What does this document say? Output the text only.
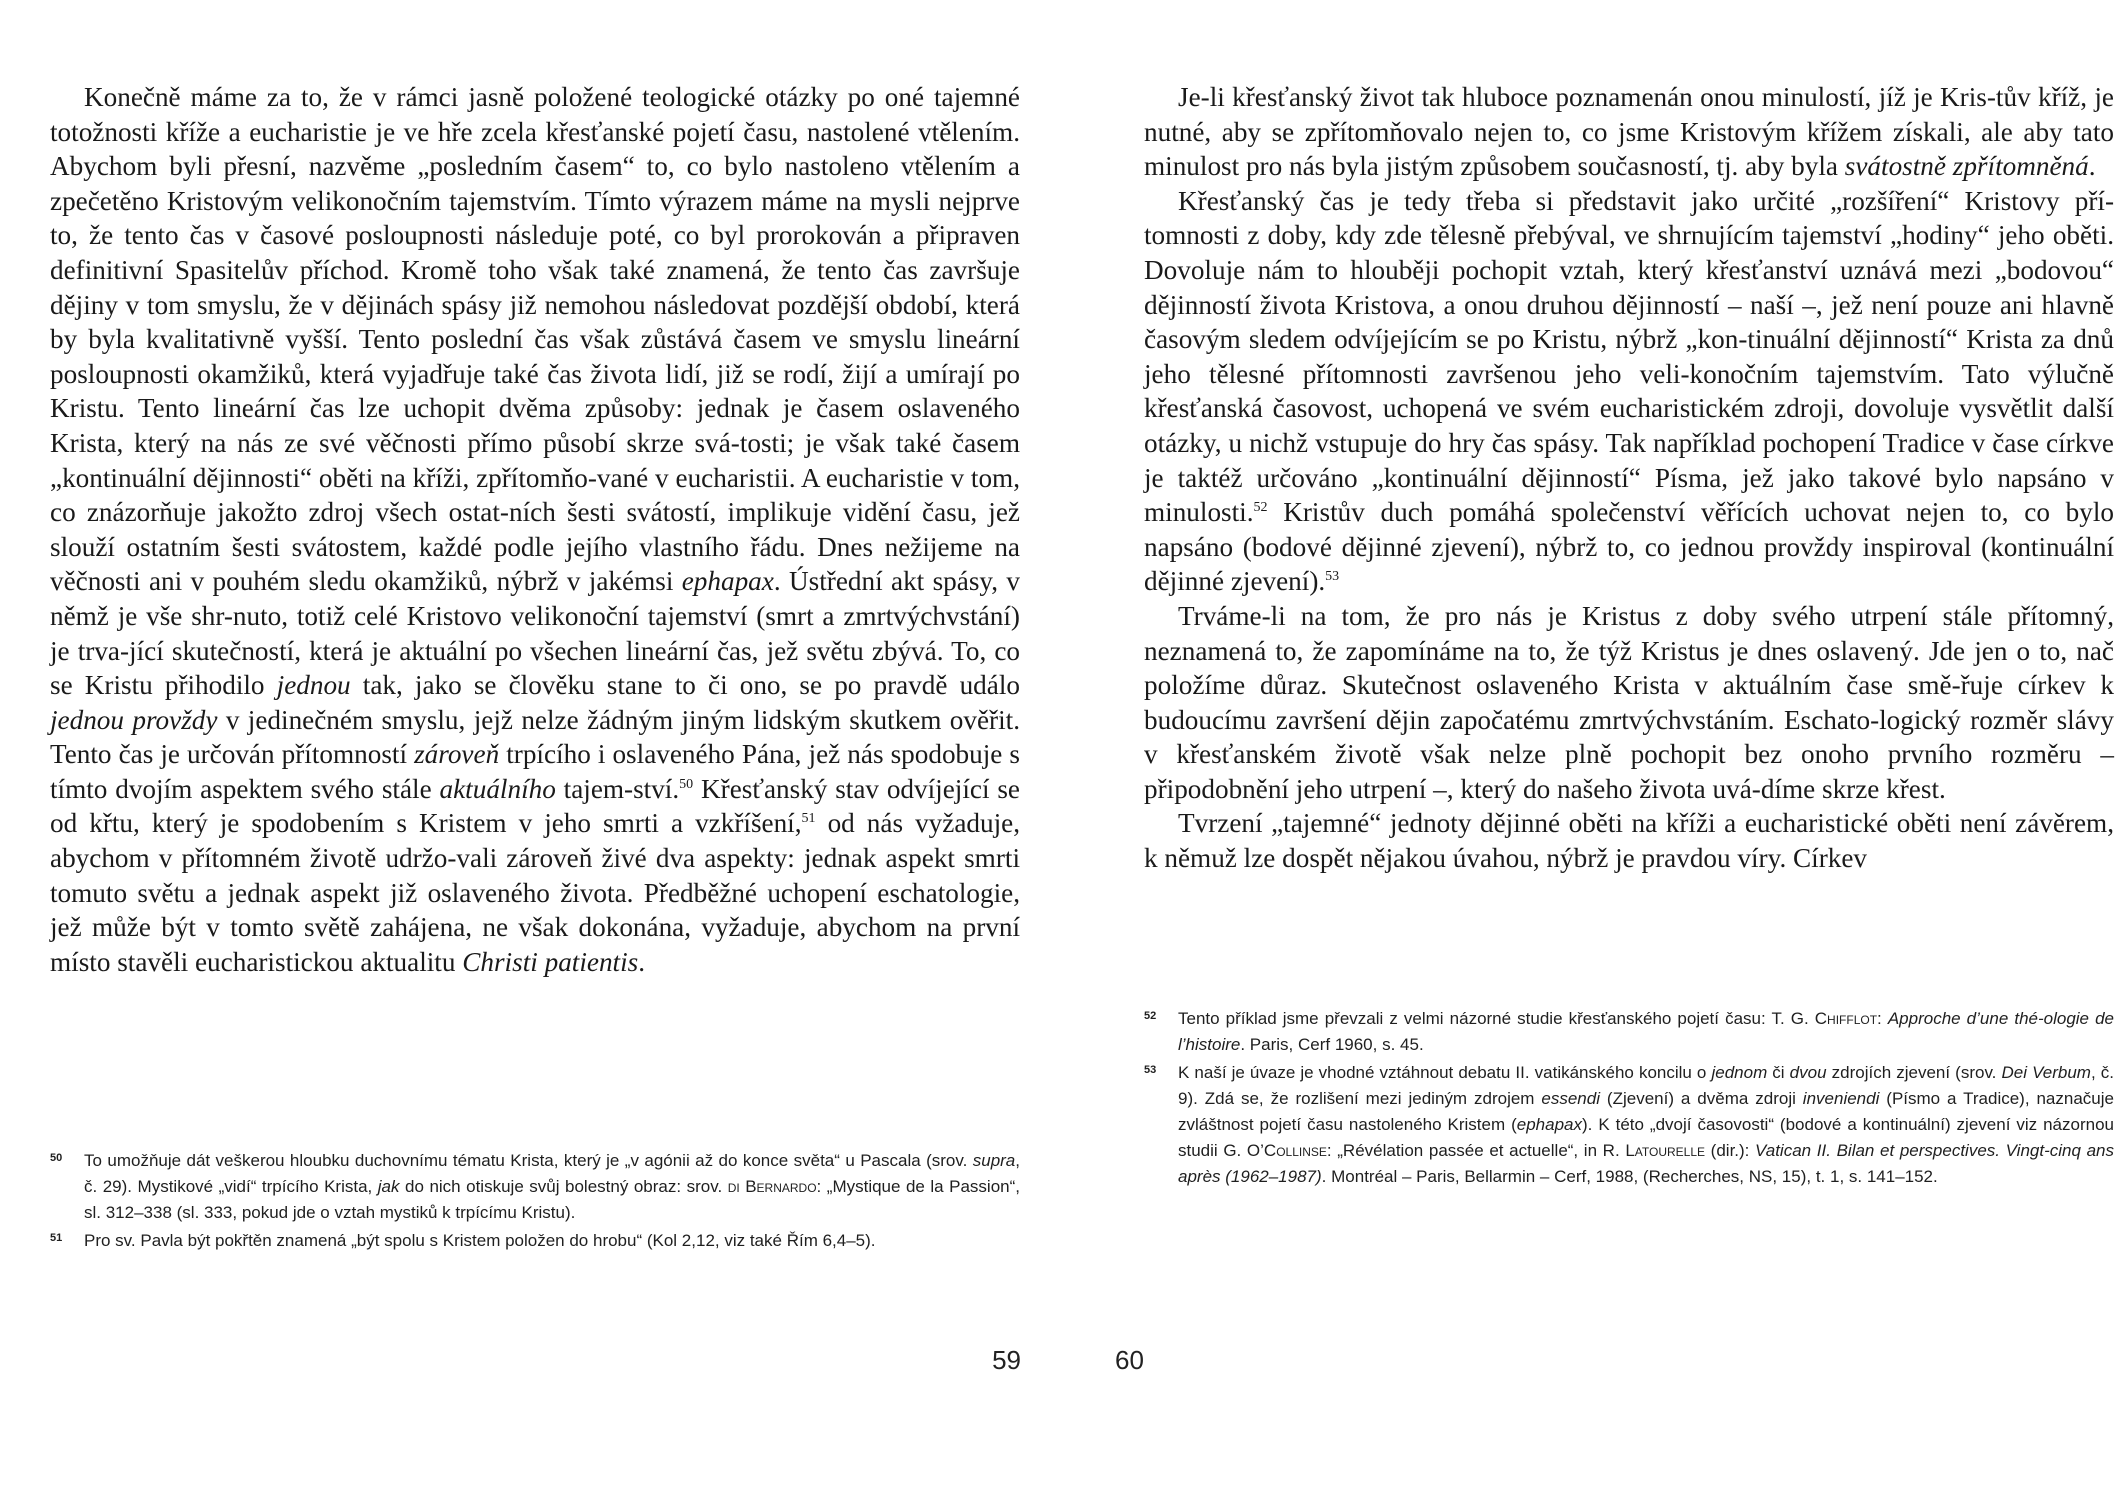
Konečně máme za to, že v rámci jasně položené teologické otázky po oné tajemné totožnosti kříže a eucharistie je ve hře zcela křesťanské pojetí času, nastolené vtělením. Abychom byli přesní, nazvěme „posledním časem“ to, co bylo nastoleno vtělením a zpečetěno Kristovým velikonočním tajemstvím. Tímto výrazem máme na mysli nejprve to, že tento čas v časové posloupnosti následuje poté, co byl prorokován a připraven definitivní Spasitelův příchod. Kromě toho však také znamená, že tento čas završuje dějiny v tom smyslu, že v dějinách spásy již nemohou následovat pozdější období, která by byla kvalitativně vyšší. Tento poslední čas však zůstává časem ve smyslu lineární posloupnosti okamžiků, která vyjadřuje také čas života lidí, již se rodí, žijí a umírají po Kristu. Tento lineární čas lze uchopit dvěma způsoby: jednak je časem oslaveného Krista, který na nás ze své věčnosti přímo působí skrze svá-tosti; je však také časem „kontinuální dějinnosti“ oběti na kříži, zpřítomňo-vané v eucharistii. A eucharistie v tom, co znázorňuje jakožto zdroj všech ostat-ních šesti svátostí, implikuje vidění času, jež slouží ostatním šesti svátostem, každé podle jejího vlastního řádu. Dnes nežijeme na věčnosti ani v pouhém sledu okamžiků, nýbrž v jakémsi ephapax. Ústřední akt spásy, v němž je vše shr-nuto, totiž celé Kristovo velikonoční tajemství (smrt a zmrtvýchvstání) je trva-jící skutečností, která je aktuální po všechen lineární čas, jež světu zbývá. To, co se Kristu přihodilo jednou tak, jako se člověku stane to či ono, se po pravdě událo jednou provždy v jedinečném smyslu, jejž nelze žádným jiným lidským skutkem ověřit. Tento čas je určován přítomností zároveň trpícího i oslaveného Pána, jež nás spodobuje s tímto dvojím aspektem svého stále aktuálního tajem-ství.$^{50}$ Křesťanský stav odvíjející se od křtu, který je spodobením s Kristem v jeho smrti a vzkříšení,$^{51}$ od nás vyžaduje, abychom v přítomném životě udržo-vali zároveň živé dva aspekty: jednak aspekt smrti tomuto světu a jednak aspekt již oslaveného života. Předběžné uchopení eschatologie, jež může být v tomto světě zahájena, ne však dokonána, vyžaduje, abychom na první místo stavěli eucharistickou aktualitu Christi patientis.

50 To umožňuje dát veškerou hloubku duchovnímu tématu Krista, který je „v agónii až do konce světa“ u Pascala (srov. supra, č. 29). Mystikové „vidí“ trpícího Krista, jak do nich otiskuje svůj bolestný obraz: srov. di Bernardo: „Mystique de la Passion“, sl. 312–338 (sl. 333, pokud jde o vztah mystiků k trpícímu Kristu).
51 Pro sv. Pavla být pokřtěn znamená „být spolu s Kristem položen do hrobu“ (Kol 2,12, viz také Řím 6,4–5).
59

Je-li křesťanský život tak hluboce poznamenán onou minulostí, jíž je Kris-tův kříž, je nutné, aby se zpřítomňovalo nejen to, co jsme Kristovým křížem získali, ale aby tato minulost pro nás byla jistým způsobem současností, tj. aby byla svátostně zpřítomněná.

Křesťanský čas je tedy třeba si představit jako určité „rozšíření“ Kristovy pří-tomnosti z doby, kdy zde tělesně přebýval, ve shrnujícím tajemství „hodiny“ jeho oběti. Dovoluje nám to hlouběji pochopit vztah, který křesťanství uznává mezi „bodovou“ dějinností života Kristova, a onou druhou dějinností – naší –, jež není pouze ani hlavně časovým sledem odvíjejícím se po Kristu, nýbrž „kon-tinuální dějinností“ Krista za dnů jeho tělesné přítomnosti završenou jeho veli-konočním tajemstvím. Tato výlučně křesťanská časovost, uchopená ve svém eucharistickém zdroji, dovoluje vysvětlit další otázky, u nichž vstupuje do hry čas spásy. Tak například pochopení Tradice v čase církve je taktéž určováno „kontinuální dějinností“ Písma, jež jako takové bylo napsáno v minulosti.$^{52}$ Kristův duch pomáhá společenství věřících uchovat nejen to, co bylo napsáno (bodové dějinné zjevení), nýbrž to, co jednou provždy inspiroval (kontinuální dějinné zjevení).$^{53}$

Trváme-li na tom, že pro nás je Kristus z doby svého utrpení stále přítomný, neznamená to, že zapomínáme na to, že týž Kristus je dnes oslavený. Jde jen o to, nač položíme důraz. Skutečnost oslaveného Krista v aktuálním čase smě-řuje církev k budoucímu završení dějin započatému zmrtvýchvstáním. Eschato-logický rozměr slávy v křesťanském životě však nelze plně pochopit bez onoho prvního rozměru – připodobnění jeho utrpení –, který do našeho života uvá-díme skrze křest.

Tvrzení „tajemné“ jednoty dějinné oběti na kříži a eucharistické oběti není závěrem, k němuž lze dospět nějakou úvahou, nýbrž je pravdou víry. Církev

52 Tento příklad jsme převzali z velmi názorné studie křesťanského pojetí času: T. G. Chifflot: Approche d’une thé-ologie de l’histoire. Paris, Cerf 1960, s. 45.
53 K naší je úvaze je vhodné vztáhnout debatu II. vatikánského koncilu o jednom či dvou zdrojích zjevení (srov. Dei Verbum, č. 9). Zdá se, že rozlišení mezi jediným zdrojem essendi (Zjevení) a dvěma zdroji inveniendi (Písmo a Tradice), naznačuje zvláštnost pojetí času nastoleného Kristem (ephapax). K této „dvojí časovosti“ (bodové a kontinuální) zjevení viz názornou studii G. O’Collinse: „Révélation passée et actuelle“, in R. Latourelle (dir.): Vatican II. Bilan et perspectives. Vingt-cinq ans après (1962–1987). Montréal – Paris, Bellarmin – Cerf, 1988, (Recherches, NS, 15), t. 1, s. 141–152.
60
